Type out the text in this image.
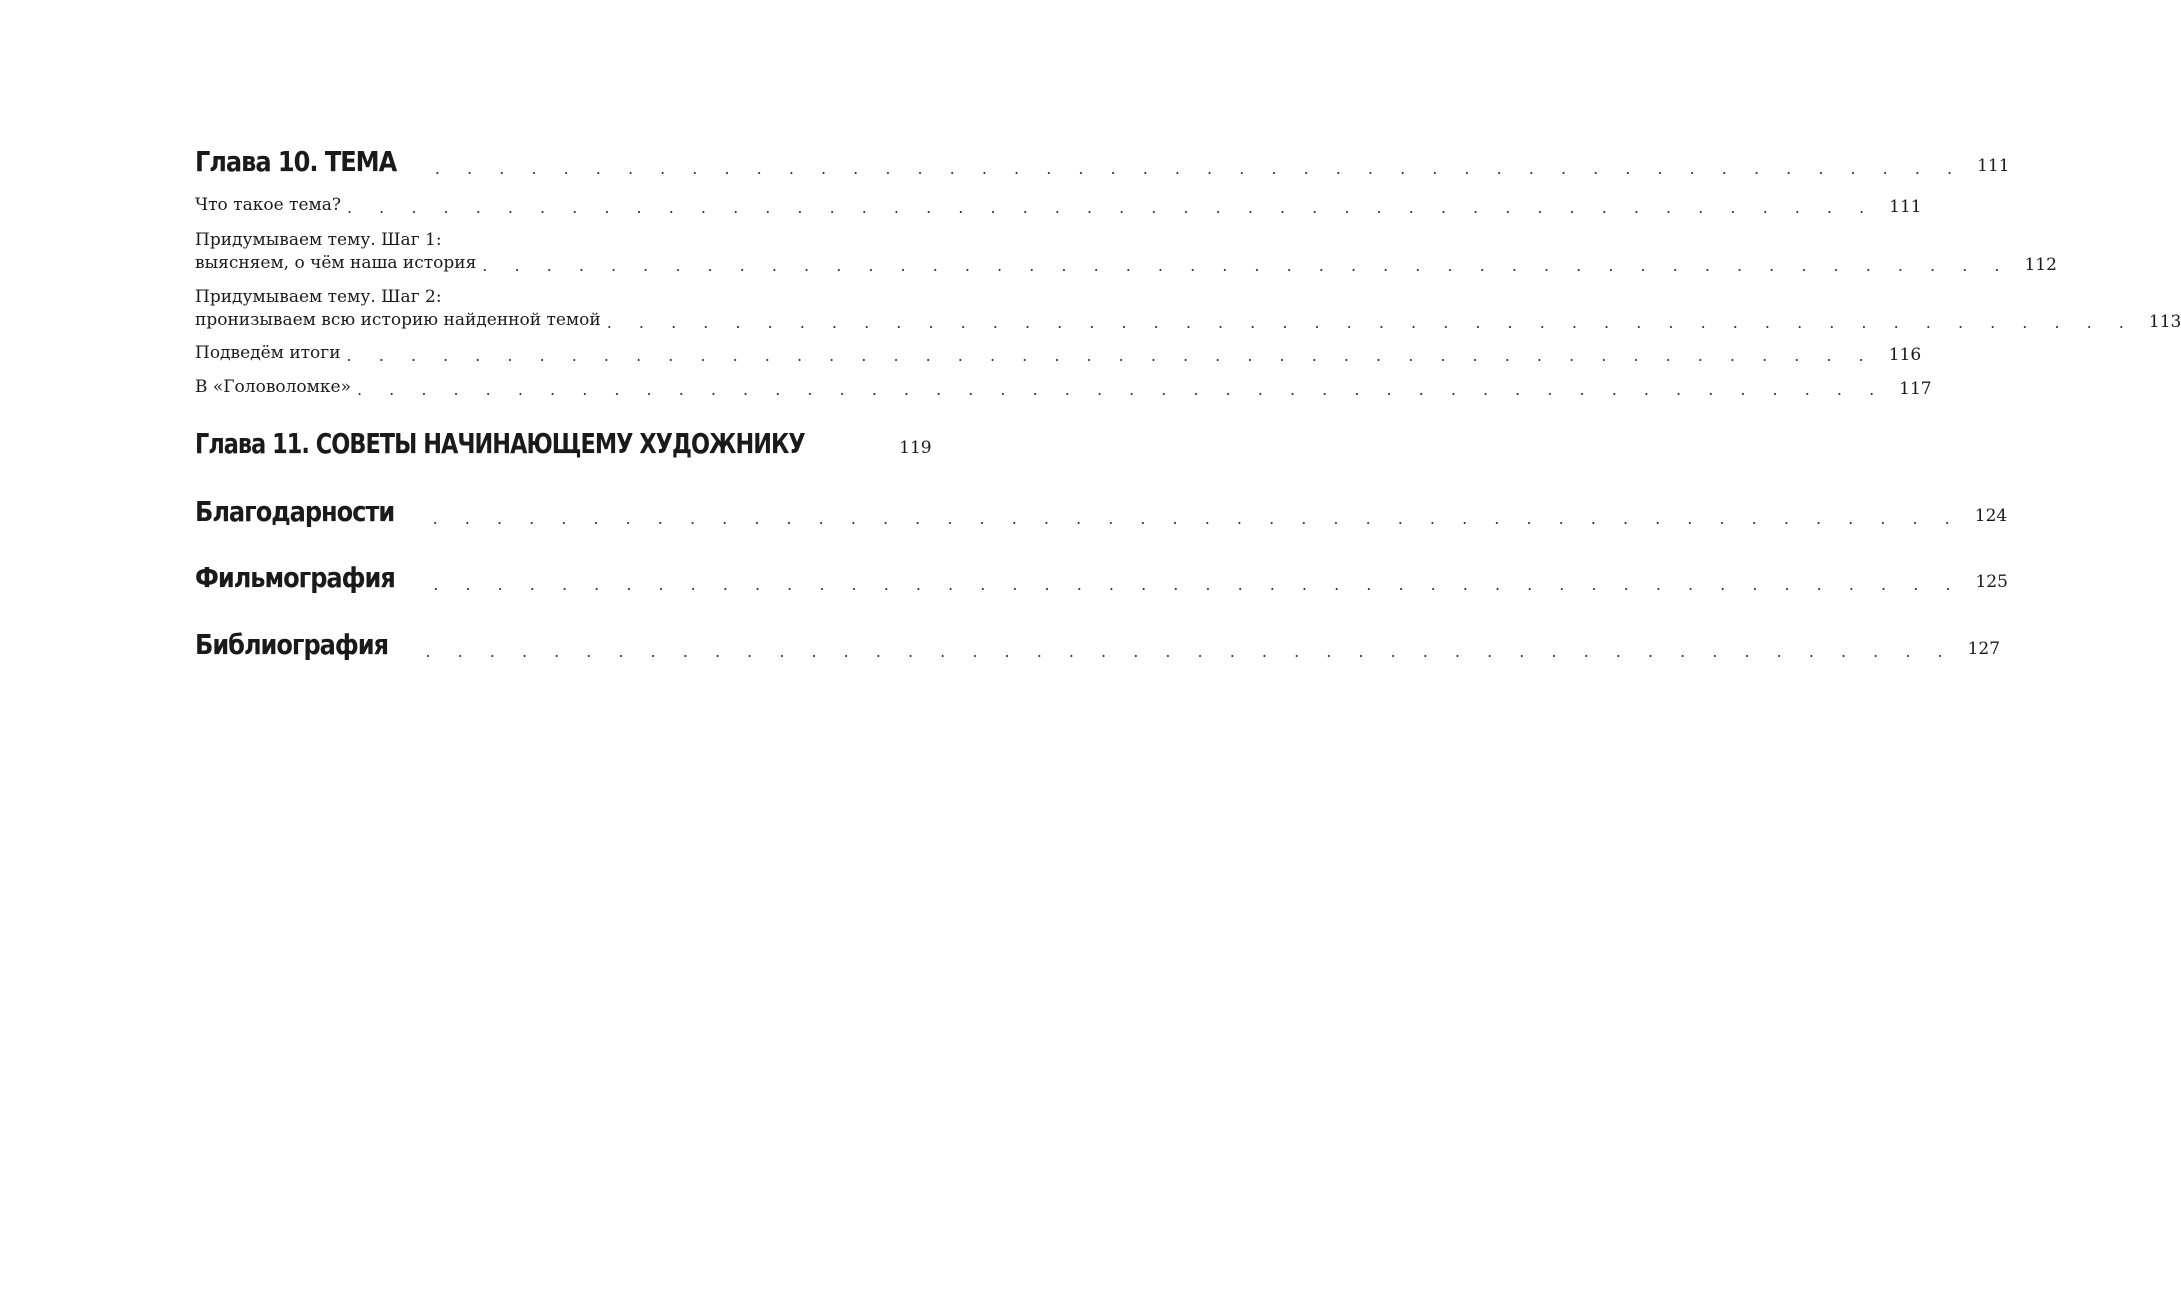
Глава 10. ТЕМА . . . . . . . . . . . . . . . . . . . . . . . . . . . . . . . . . . . . . . . . . . . . . . . . 111
Что такое тема? . . . . . . . . . . . . . . . . . . . . . . . . . . . . . . . . . . . . . . . . . . . . . . . . 111
Придумываем тему. Шаг 1:
выясняем, о чём наша история . . . . . . . . . . . . . . . . . . . . . . . . . . . . . . . . . . . . . . . . . . . . . . . . 112
Придумываем тему. Шаг 2:
пронизываем всю историю найденной темой . . . . . . . . . . . . . . . . . . . . . . . . . . . . . . . . . . . . . . . . . . . . . . . . 113
Подведём итоги . . . . . . . . . . . . . . . . . . . . . . . . . . . . . . . . . . . . . . . . . . . . . . . . 116
В «Головоломке» . . . . . . . . . . . . . . . . . . . . . . . . . . . . . . . . . . . . . . . . . . . . . . . . 117
Глава 11. СОВЕТЫ НАЧИНАЮЩЕМУ ХУДОЖНИКУ	119
Благодарности . . . . . . . . . . . . . . . . . . . . . . . . . . . . . . . . . . . . . . . . . . . . . . . . 124
Фильмография . . . . . . . . . . . . . . . . . . . . . . . . . . . . . . . . . . . . . . . . . . . . . . . . 125
Библиография . . . . . . . . . . . . . . . . . . . . . . . . . . . . . . . . . . . . . . . . . . . . . . . . 127
